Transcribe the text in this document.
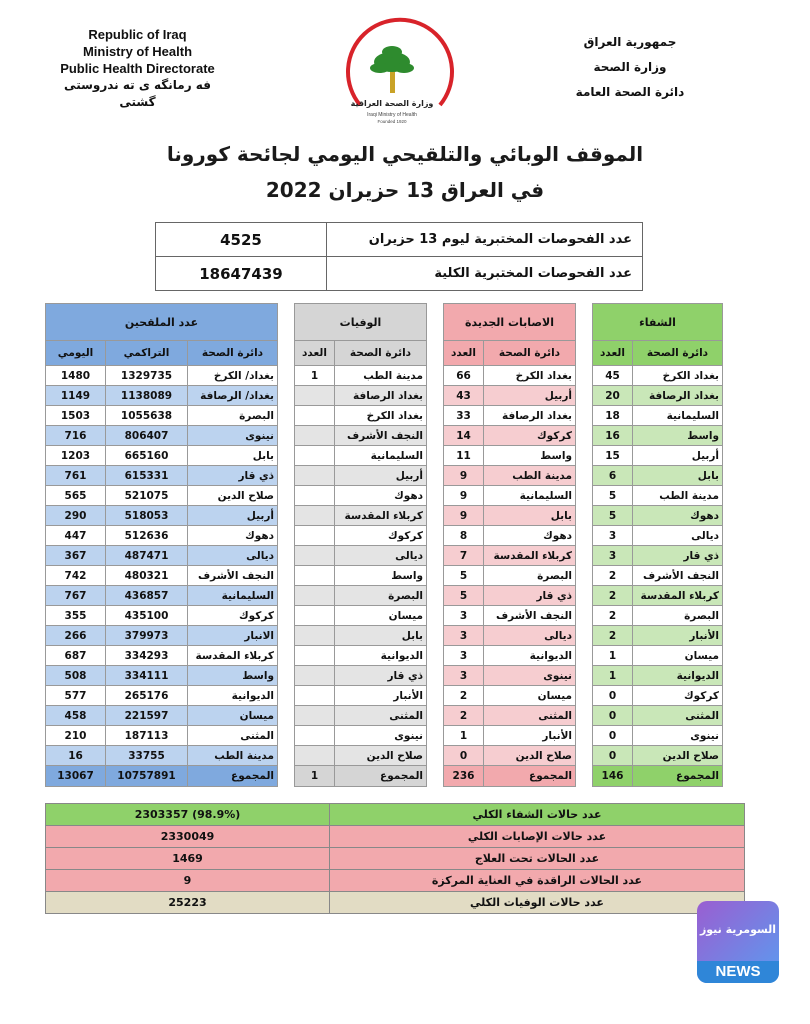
Republic of Iraq
Ministry of Health
Public Health Directorate
فه رمانگه ی ته ندروستی گشتی	وزارة الصحة العراقية
Iraqi Ministry of Health
Founded 1920
جمهورية العراق
وزارة الصحة
دائرة الصحة العامة
الموقف الوبائي والتلقيحي اليومي لجائحة كورونا
في العراق 13 حزيران 2022
عدد الفحوصات المختبرية ليوم 13 حزيران	4525
عدد الفحوصات المختبرية الكلية	18647439
الشفاء			الاصابات الجديدة			الوفيات			عدد الملقحين		
دائرة الصحة	العدد		دائرة الصحة	العدد		دائرة الصحة	العدد		دائرة الصحة	التراكمي	اليومي
بغداد الكرخ	45		بغداد الكرخ	66		مدينة الطب	1		بغداد/ الكرخ	1329735	1480
بغداد الرصافة	20		أربيل	43		بغداد الرصافة			بغداد/ الرصافة	1138089	1149
السليمانية	18		بغداد الرصافة	33		بغداد الكرخ			البصرة	1055638	1503
واسط	16		كركوك	14		النجف الأشرف			نينوى	806407	716
أربيل	15		واسط	11		السليمانية			بابل	665160	1203
بابل	6		مدينة الطب	9		أربيل			ذي قار	615331	761
مدينة الطب	5		السليمانية	9		دهوك			صلاح الدين	521075	565
دهوك	5		بابل	9		كربلاء المقدسة			أربيل	518053	290
ديالى	3		دهوك	8		كركوك			دهوك	512636	447
ذي قار	3		كربلاء المقدسة	7		ديالى			ديالى	487471	367
النجف الأشرف	2		البصرة	5		واسط			النجف الأشرف	480321	742
كربلاء المقدسة	2		ذي قار	5		البصرة			السليمانية	436857	767
البصرة	2		النجف الأشرف	3		ميسان			كركوك	435100	355
الأنبار	2		ديالى	3		بابل			الانبار	379973	266
ميسان	1		الديوانية	3		الديوانية			كربلاء المقدسة	334293	687
الديوانية	1		نينوى	3		ذي قار			واسط	334111	508
كركوك	0		ميسان	2		الأنبار			الديوانية	265176	577
المثنى	0		المثنى	2		المثنى			ميسان	221597	458
نينوى	0		الأنبار	1		نينوى			المثنى	187113	210
صلاح الدين	0		صلاح الدين	0		صلاح الدين			مدينة الطب	33755	16
المجموع	146		المجموع	236		المجموع	1		المجموع	10757891	13067
عدد حالات الشفاء الكلي	2303357 (98.9%)
عدد حالات الإصابات الكلي	2330049
عدد الحالات تحت العلاج	1469
عدد الحالات الراقدة في العناية المركزة	9
عدد حالات الوفيات الكلي	25223
السومرية نيوز
NEWS
